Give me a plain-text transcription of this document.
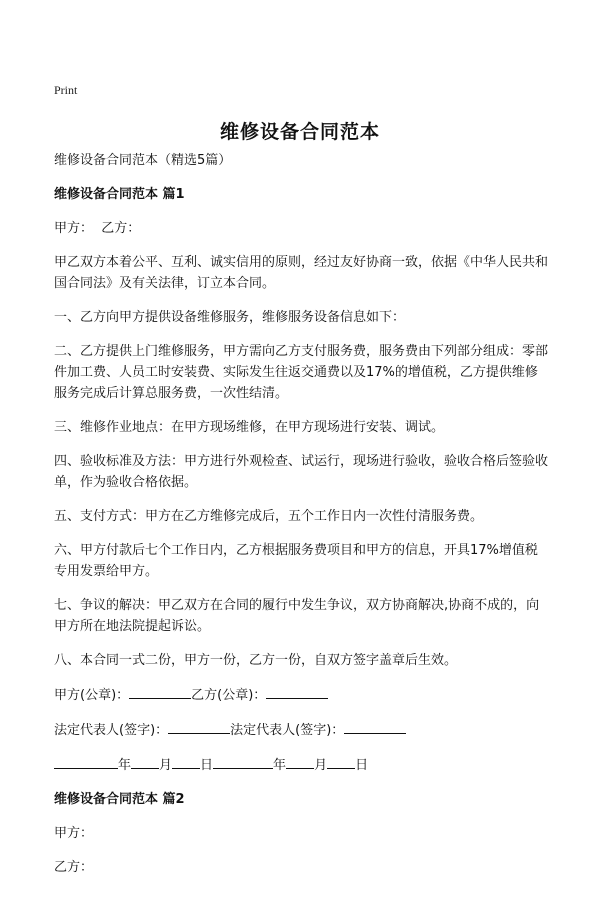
Print
维修设备合同范本

维修设备合同范本（精选5篇）

维修设备合同范本 篇1

甲方：  乙方：

甲乙双方本着公平、互利、诚实信用的原则，经过友好协商一致，依据《中华人民共和国合同法》及有关法律，订立本合同。

一、乙方向甲方提供设备维修服务，维修服务设备信息如下：

二、乙方提供上门维修服务，甲方需向乙方支付服务费，服务费由下列部分组成：零部件加工费、人员工时安装费、实际发生往返交通费以及17%的增值税，乙方提供维修服务完成后计算总服务费，一次性结清。

三、维修作业地点：在甲方现场维修，在甲方现场进行安装、调试。

四、验收标准及方法：甲方进行外观检查、试运行，现场进行验收，验收合格后签验收单，作为验收合格依据。

五、支付方式：甲方在乙方维修完成后，五个工作日内一次性付清服务费。

六、甲方付款后七个工作日内，乙方根据服务费项目和甲方的信息，开具17%增值税专用发票给甲方。

七、争议的解决：甲乙双方在合同的履行中发生争议，双方协商解决,协商不成的，向甲方所在地法院提起诉讼。

八、本合同一式二份，甲方一份，乙方一份，自双方签字盖章后生效。

甲方(公章)：	乙方(公章)：

法定代表人(签字)：	法定代表人(签字)：

年 月 日	年 月 日

维修设备合同范本 篇2

甲方：

乙方：
